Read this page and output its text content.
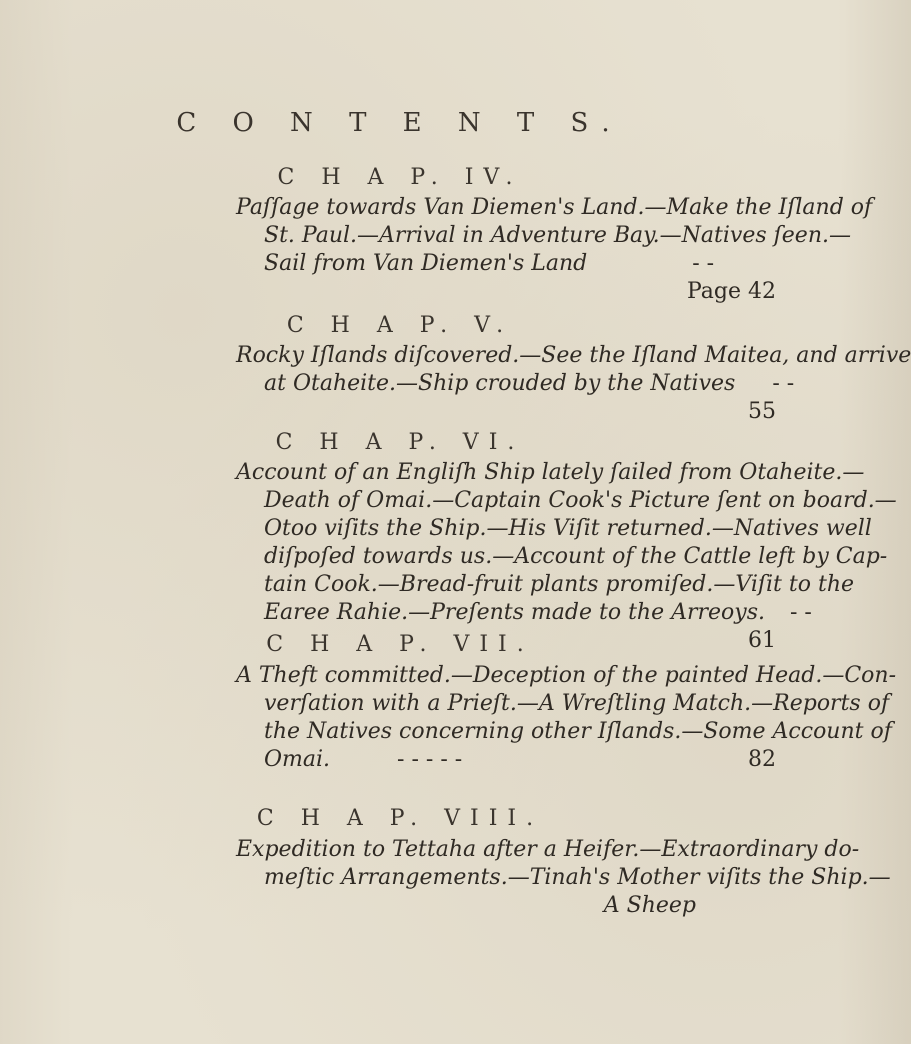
C O N T E N T S.
C H A P. IV.
Paſſage towards Van Diemen's Land.—Make the Iſland of
St. Paul.—Arrival in Adventure Bay.—Natives ſeen.—
Sail from Van Diemen's Land	- -
Page 42
C H A P. V.
Rocky Iſlands diſcovered.—See the Iſland Maitea, and arrive
at Otaheite.—Ship crouded by the Natives - -
55
C H A P. VI.
Account of an Engliſh Ship lately ſailed from Otaheite.—
Death of Omai.—Captain Cook's Picture ſent on board.—
Otoo viſits the Ship.—His Viſit returned.—Natives well
diſpoſed towards us.—Account of the Cattle left by Cap-
tain Cook.—Bread-fruit plants promiſed.—Viſit to the
Earee Rahie.—Preſents made to the Arreoys. - -
61
C H A P. VII.
A Theft committed.—Deception of the painted Head.—Con-
verſation with a Prieſt.—A Wreſtling Match.—Reports of
the Natives concerning other Iſlands.—Some Account of
Omai.	- - - - -	82
C H A P. VIII.
Expedition to Tettaha after a Heifer.—Extraordinary do-
meſtic Arrangements.—Tinah's Mother viſits the Ship.—
A Sheep
